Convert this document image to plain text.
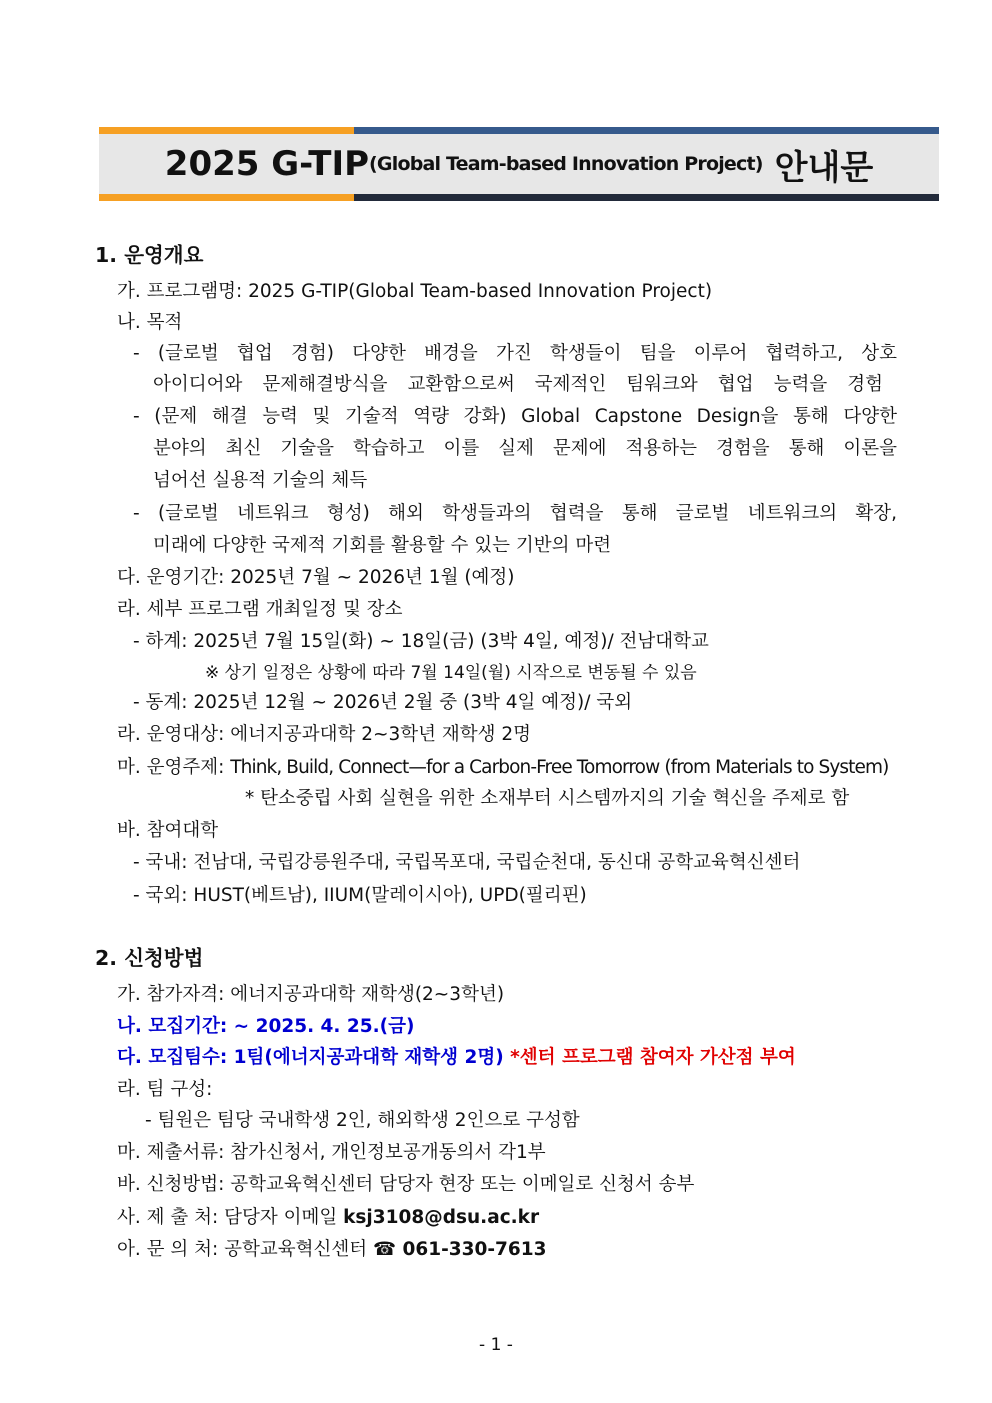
2025 G-TIP (Global Team-based Innovation Project) 안내문
1. 운영개요
가. 프로그램명: 2025 G-TIP(Global Team-based Innovation Project)
나. 목적
- (글로벌 협업 경험) 다양한 배경을 가진 학생들이 팀을 이루어 협력하고, 상호
아이디어와 문제해결방식을 교환함으로써 국제적인 팀워크와 협업 능력을 경험
- (문제 해결 능력 및 기술적 역량 강화) Global Capstone Design을 통해 다양한
분야의 최신 기술을 학습하고 이를 실제 문제에 적용하는 경험을 통해 이론을
넘어선 실용적 기술의 체득
- (글로벌 네트워크 형성) 해외 학생들과의 협력을 통해 글로벌 네트워크의 확장,
미래에 다양한 국제적 기회를 활용할 수 있는 기반의 마련
다. 운영기간: 2025년 7월 ~ 2026년 1월 (예정)
라. 세부 프로그램 개최일정 및 장소
- 하계: 2025년 7월 15일(화) ~ 18일(금) (3박 4일, 예정)/ 전남대학교
※ 상기 일정은 상황에 따라 7월 14일(월) 시작으로 변동될 수 있음
- 동계: 2025년 12월 ~ 2026년 2월 중 (3박 4일 예정)/ 국외
라. 운영대상: 에너지공과대학 2~3학년 재학생 2명
마. 운영주제: Think, Build, Connect—for a Carbon-Free Tomorrow (from Materials to System)
* 탄소중립 사회 실현을 위한 소재부터 시스템까지의 기술 혁신을 주제로 함
바. 참여대학
- 국내: 전남대, 국립강릉원주대, 국립목포대, 국립순천대, 동신대 공학교육혁신센터
- 국외: HUST(베트남), IIUM(말레이시아), UPD(필리핀)
2. 신청방법
가. 참가자격: 에너지공과대학 재학생(2~3학년)
나. 모집기간: ~ 2025. 4. 25.(금)
다. 모집팀수: 1팀(에너지공과대학 재학생 2명) *센터 프로그램 참여자 가산점 부여
라. 팀 구성:
- 팀원은 팀당 국내학생 2인, 해외학생 2인으로 구성함
마. 제출서류: 참가신청서, 개인정보공개동의서 각1부
바. 신청방법: 공학교육혁신센터 담당자 현장 또는 이메일로 신청서 송부
사. 제 출 처: 담당자 이메일 ksj3108@dsu.ac.kr
아. 문 의 처: 공학교육혁신센터 ☎ 061-330-7613
- 1 -
